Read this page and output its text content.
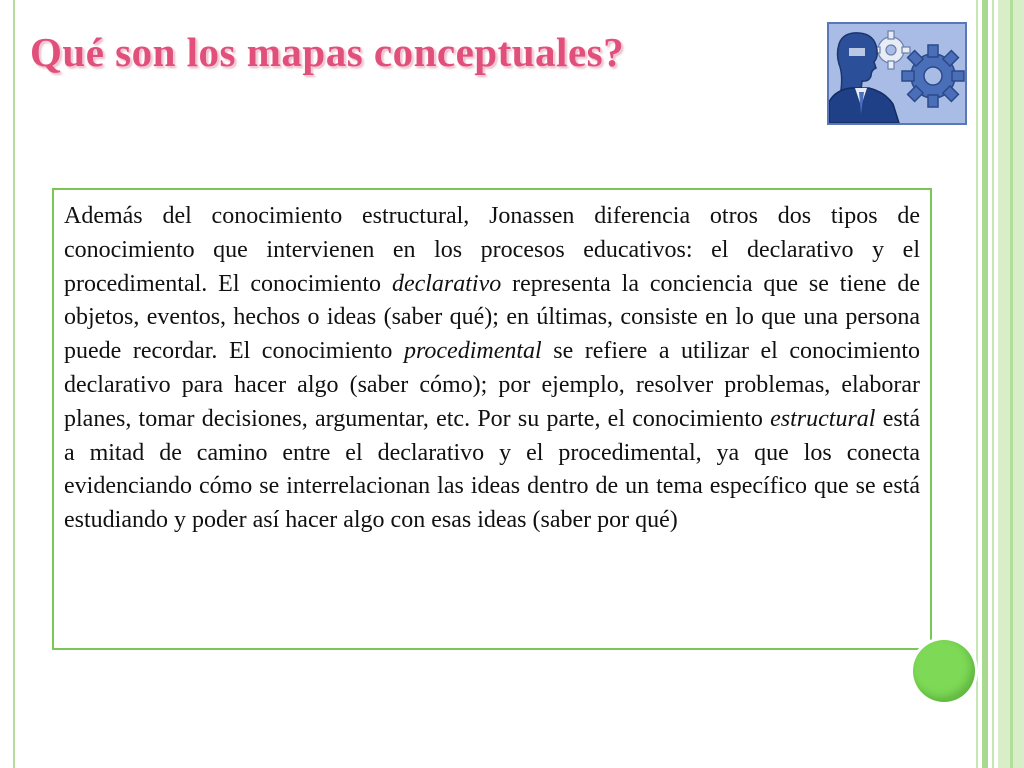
Qué son los mapas conceptuales?

Además del conocimiento estructural, Jonassen diferencia otros dos tipos de conocimiento que intervienen en los procesos educativos: el declarativo y el procedimental. El conocimiento declarativo representa la conciencia que se tiene de objetos, eventos, hechos o ideas (saber qué); en últimas, consiste en lo que una persona puede recordar. El conocimiento procedimental se refiere a utilizar el conocimiento declarativo para hacer algo (saber cómo); por ejemplo, resolver problemas, elaborar planes, tomar decisiones, argumentar, etc. Por su parte, el conocimiento estructural está a mitad de camino entre el declarativo y el procedimental, ya que los conecta evidenciando cómo se interrelacionan las ideas dentro de un tema específico que se está estudiando y poder así hacer algo con esas ideas (saber por qué)
